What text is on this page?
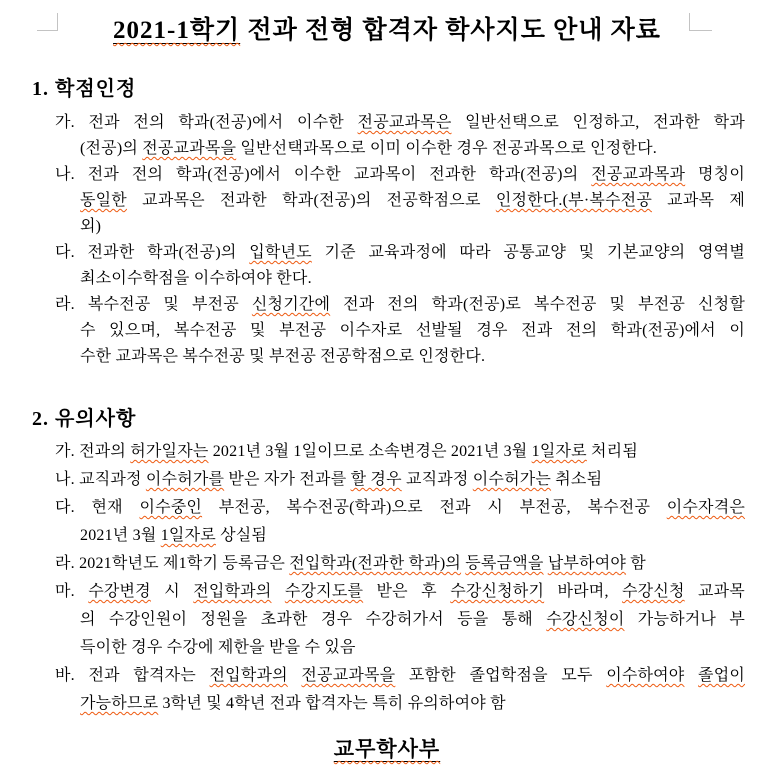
2021-1학기 전과 전형 합격자 학사지도 안내 자료
1. 학점인정
가. 전과 전의 학과(전공)에서 이수한 전공교과목은 일반선택으로 인정하고, 전과한 학과
(전공)의 전공교과목을 일반선택과목으로 이미 이수한 경우 전공과목으로 인정한다.
나. 전과 전의 학과(전공)에서 이수한 교과목이 전과한 학과(전공)의 전공교과목과 명칭이
동일한 교과목은 전과한 학과(전공)의 전공학점으로 인정한다.(부·복수전공 교과목 제
외)
다. 전과한 학과(전공)의 입학년도 기준 교육과정에 따라 공통교양 및 기본교양의 영역별
최소이수학점을 이수하여야 한다.
라. 복수전공 및 부전공 신청기간에 전과 전의 학과(전공)로 복수전공 및 부전공 신청할
수 있으며, 복수전공 및 부전공 이수자로 선발될 경우 전과 전의 학과(전공)에서 이
수한 교과목은 복수전공 및 부전공 전공학점으로 인정한다.
2. 유의사항
가. 전과의 허가일자는 2021년 3월 1일이므로 소속변경은 2021년 3월 1일자로 처리됨
나. 교직과정 이수허가를 받은 자가 전과를 할 경우 교직과정 이수허가는 취소됨
다. 현재 이수중인 부전공, 복수전공(학과)으로 전과 시 부전공, 복수전공 이수자격은
2021년 3월 1일자로 상실됨
라. 2021학년도 제1학기 등록금은 전입학과(전과한 학과)의 등록금액을 납부하여야 함
마. 수강변경 시 전입학과의 수강지도를 받은 후 수강신청하기 바라며, 수강신청 교과목
의 수강인원이 정원을 초과한 경우 수강허가서 등을 통해 수강신청이 가능하거나 부
득이한 경우 수강에 제한을 받을 수 있음
바. 전과 합격자는 전입학과의 전공교과목을 포함한 졸업학점을 모두 이수하여야 졸업이
가능하므로 3학년 및 4학년 전과 합격자는 특히 유의하여야 함
교무학사부
